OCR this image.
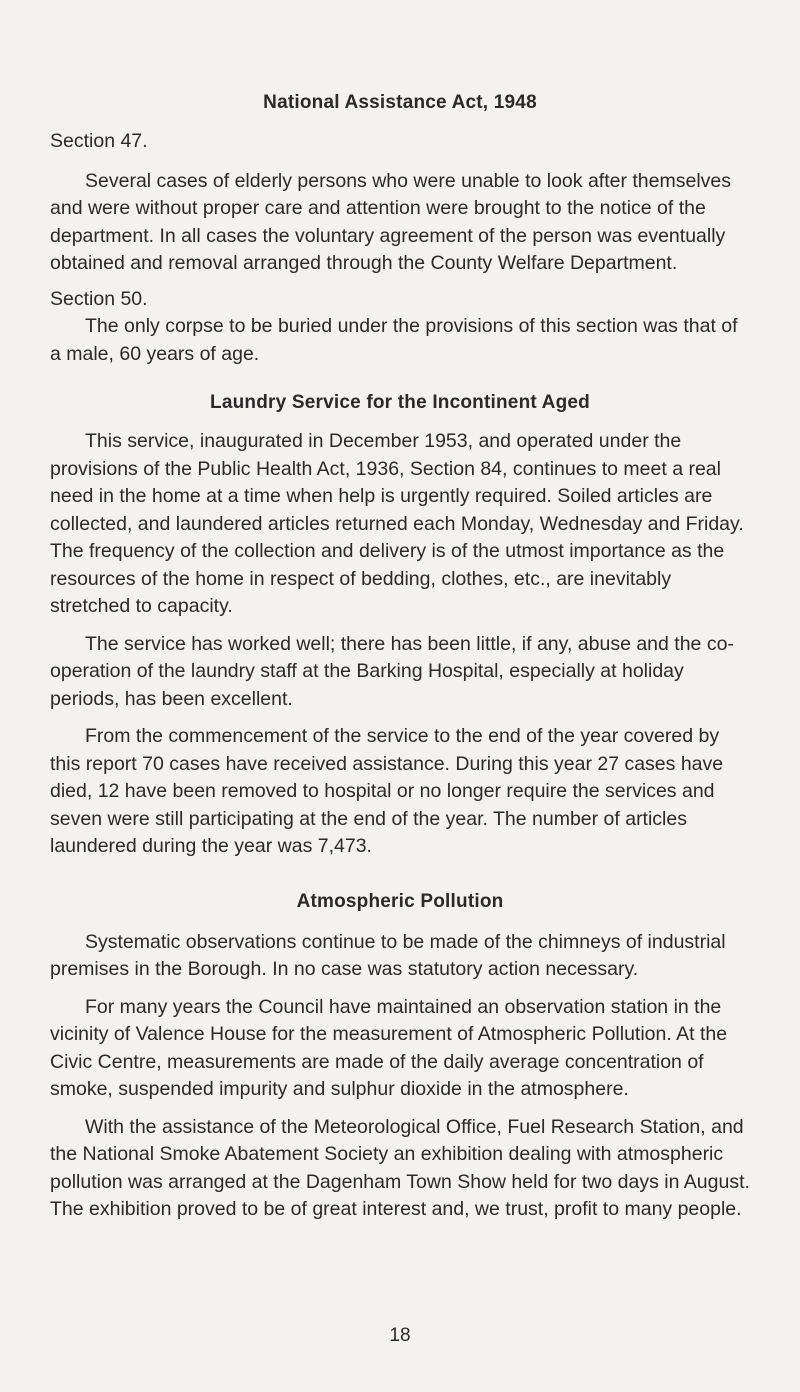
National Assistance Act, 1948

Section 47.

Several cases of elderly persons who were unable to look after themselves and were without proper care and attention were brought to the notice of the department. In all cases the voluntary agreement of the person was eventually obtained and removal arranged through the County Welfare Department.

Section 50.

The only corpse to be buried under the provisions of this section was that of a male, 60 years of age.

Laundry Service for the Incontinent Aged

This service, inaugurated in December 1953, and operated under the provisions of the Public Health Act, 1936, Section 84, continues to meet a real need in the home at a time when help is urgently required. Soiled articles are collected, and laundered articles returned each Monday, Wednesday and Friday. The frequency of the collection and delivery is of the utmost importance as the resources of the home in respect of bedding, clothes, etc., are inevitably stretched to capacity.

The service has worked well; there has been little, if any, abuse and the co-operation of the laundry staff at the Barking Hospital, especially at holiday periods, has been excellent.

From the commencement of the service to the end of the year covered by this report 70 cases have received assistance. During this year 27 cases have died, 12 have been removed to hospital or no longer require the services and seven were still participating at the end of the year. The number of articles laundered during the year was 7,473.

Atmospheric Pollution

Systematic observations continue to be made of the chimneys of industrial premises in the Borough. In no case was statutory action necessary.

For many years the Council have maintained an observation station in the vicinity of Valence House for the measurement of Atmospheric Pollution. At the Civic Centre, measurements are made of the daily average concentration of smoke, suspended impurity and sulphur dioxide in the atmosphere.

With the assistance of the Meteorological Office, Fuel Research Station, and the National Smoke Abatement Society an exhibition dealing with atmospheric pollution was arranged at the Dagenham Town Show held for two days in August. The exhibition proved to be of great interest and, we trust, profit to many people.

18
